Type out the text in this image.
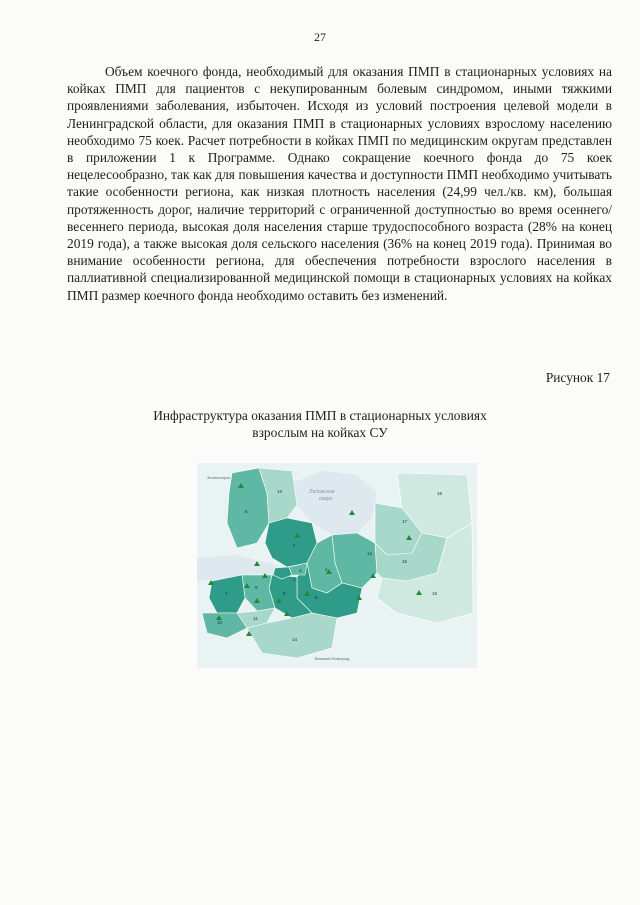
27

Объем коечного фонда, необходимый для оказания ПМП в стационарных условиях на койках ПМП для пациентов с некупированным болевым синдромом, иными тяжкими проявлениями заболевания, избыточен. Исходя из условий построения целевой модели в Ленинградской области, для оказания ПМП в стационарных условиях взрослому населению необходимо 75 коек. Расчет потребности в койках ПМП по медицинским округам представлен в приложении 1 к Программе. Однако сокращение коечного фонда до 75 коек нецелесообразно, так как для повышения качества и доступности ПМП необходимо учитывать такие особенности региона, как низкая плотность населения (24,99 чел./кв. км), большая протяженность дорог, наличие территорий с ограниченной доступностью во время осеннего/весеннего периода, высокая доля населения старше трудоспособного возраста (28% на конец 2019 года), а также высокая доля сельского населения (36% на конец 2019 года). Принимая во внимание особенности региона, для обеспечения потребности взрослого населения в паллиативной специализированной медицинской помощи в стационарных условиях на койках ПМП размер коечного фонда необходимо оставить без изменений.

Рисунок 17
Инфраструктура оказания ПМП в стационарных условиях
взрослым на койках СУ
Ладожское
озеро
Зеленогорск
Великий Новгород
1
2
3	4
5
6
7
8
9
10
11
12
13
14
15
16
17
18
